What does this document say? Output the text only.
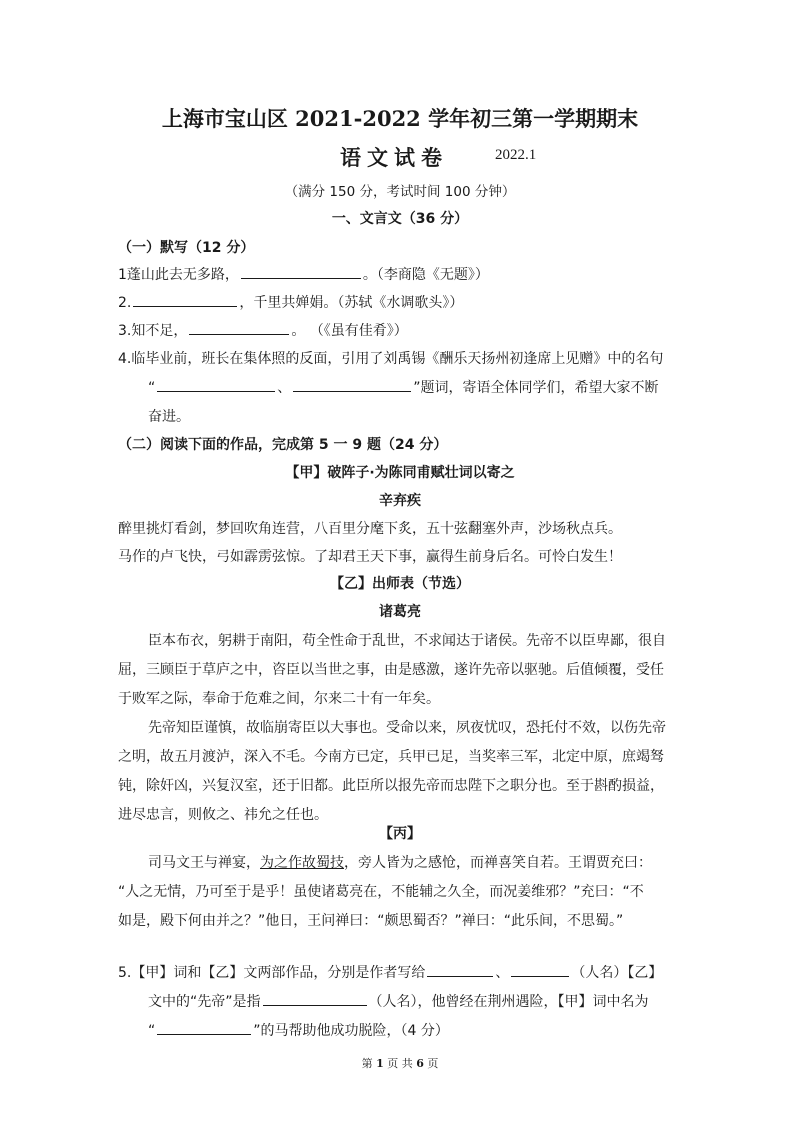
上海市宝山区 2021-2022 学年初三第一学期期末
语文试卷	2022.1
（满分 150 分，考试时间 100 分钟）
一、文言文（36 分）
（一）默写（12 分）
1蓬山此去无多路，	。（李商隐《无题》）
2.	，千里共婵娟。（苏轼《水调歌头》）
3.知不足，	。 （《虽有佳肴》）
4.临毕业前，班长在集体照的反面，引用了刘禹锡《酬乐天扬州初逢席上见赠》中的名句
“	、	”题词，寄语全体同学们，希望大家不断
奋进。
（二）阅读下面的作品，完成第 5 一 9 题（24 分）
【甲】破阵子·为陈同甫赋壮词以寄之
辛弃疾
醉里挑灯看剑，梦回吹角连营，八百里分麾下炙，五十弦翻塞外声，沙场秋点兵。
马作的卢飞快，弓如霹雳弦惊。了却君王天下事，赢得生前身后名。可怜白发生！
【乙】出师表（节选）
诸葛亮
臣本布衣，躬耕于南阳，苟全性命于乱世，不求闻达于诸侯。先帝不以臣卑鄙，很自
屈，三顾臣于草庐之中，咨臣以当世之事，由是感激，遂许先帝以驱驰。后值倾覆，受任
于败军之际，奉命于危难之间，尔来二十有一年矣。
先帝知臣谨慎，故临崩寄臣以大事也。受命以来，夙夜忧叹，恐托付不效，以伤先帝
之明，故五月渡泸，深入不毛。今南方已定，兵甲已足，当奖率三军，北定中原，庶竭驽
钝，除奸凶，兴复汉室，还于旧都。此臣所以报先帝而忠陛下之职分也。至于斟酌损益，
进尽忠言，则攸之、祎允之任也。
【丙】
司马文王与禅宴，为之作故蜀技，旁人皆为之感怆，而禅喜笑自若。王谓贾充曰：
“人之无情，乃可至于是乎！虽使诸葛亮在，不能辅之久全，而况姜维邪？”充曰：“不
如是，殿下何由并之？”他日，王问禅曰：“颇思蜀否？”禅曰：“此乐间，不思蜀。”
5.【甲】词和【乙】文两部作品，分别是作者写给	、	（人名）【乙】
文中的“先帝”是指	（人名），他曾经在荆州遇险，【甲】词中名为
“	”的马帮助他成功脱险，（4 分）
第 1 页 共 6 页
